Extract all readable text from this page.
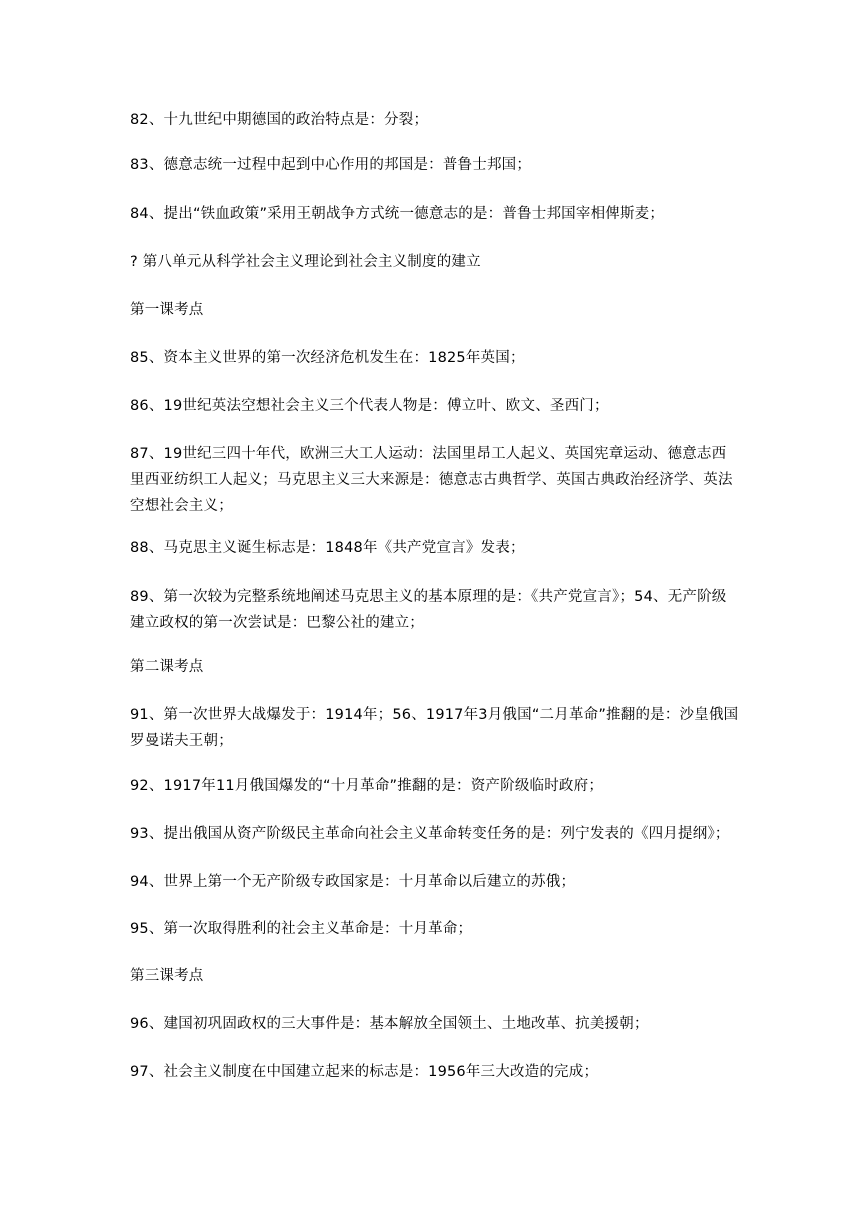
82、十九世纪中期德国的政治特点是：分裂；
83、德意志统一过程中起到中心作用的邦国是：普鲁士邦国；
84、提出“铁血政策”采用王朝战争方式统一德意志的是：普鲁士邦国宰相俾斯麦；
? 第八单元从科学社会主义理论到社会主义制度的建立
第一课考点
85、资本主义世界的第一次经济危机发生在：1825年英国；
86、19世纪英法空想社会主义三个代表人物是：傅立叶、欧文、圣西门；
87、19世纪三四十年代，欧洲三大工人运动：法国里昂工人起义、英国宪章运动、德意志西里西亚纺织工人起义；马克思主义三大来源是：德意志古典哲学、英国古典政治经济学、英法空想社会主义；
88、马克思主义诞生标志是：1848年《共产党宣言》发表；
89、第一次较为完整系统地阐述马克思主义的基本原理的是：《共产党宣言》；54、无产阶级建立政权的第一次尝试是：巴黎公社的建立；
第二课考点
91、第一次世界大战爆发于：1914年；56、1917年3月俄国“二月革命”推翻的是：沙皇俄国罗曼诺夫王朝；
92、1917年11月俄国爆发的“十月革命”推翻的是：资产阶级临时政府；
93、提出俄国从资产阶级民主革命向社会主义革命转变任务的是：列宁发表的《四月提纲》；
94、世界上第一个无产阶级专政国家是：十月革命以后建立的苏俄；
95、第一次取得胜利的社会主义革命是：十月革命；
第三课考点
96、建国初巩固政权的三大事件是：基本解放全国领土、土地改革、抗美援朝；
97、社会主义制度在中国建立起来的标志是：1956年三大改造的完成；
